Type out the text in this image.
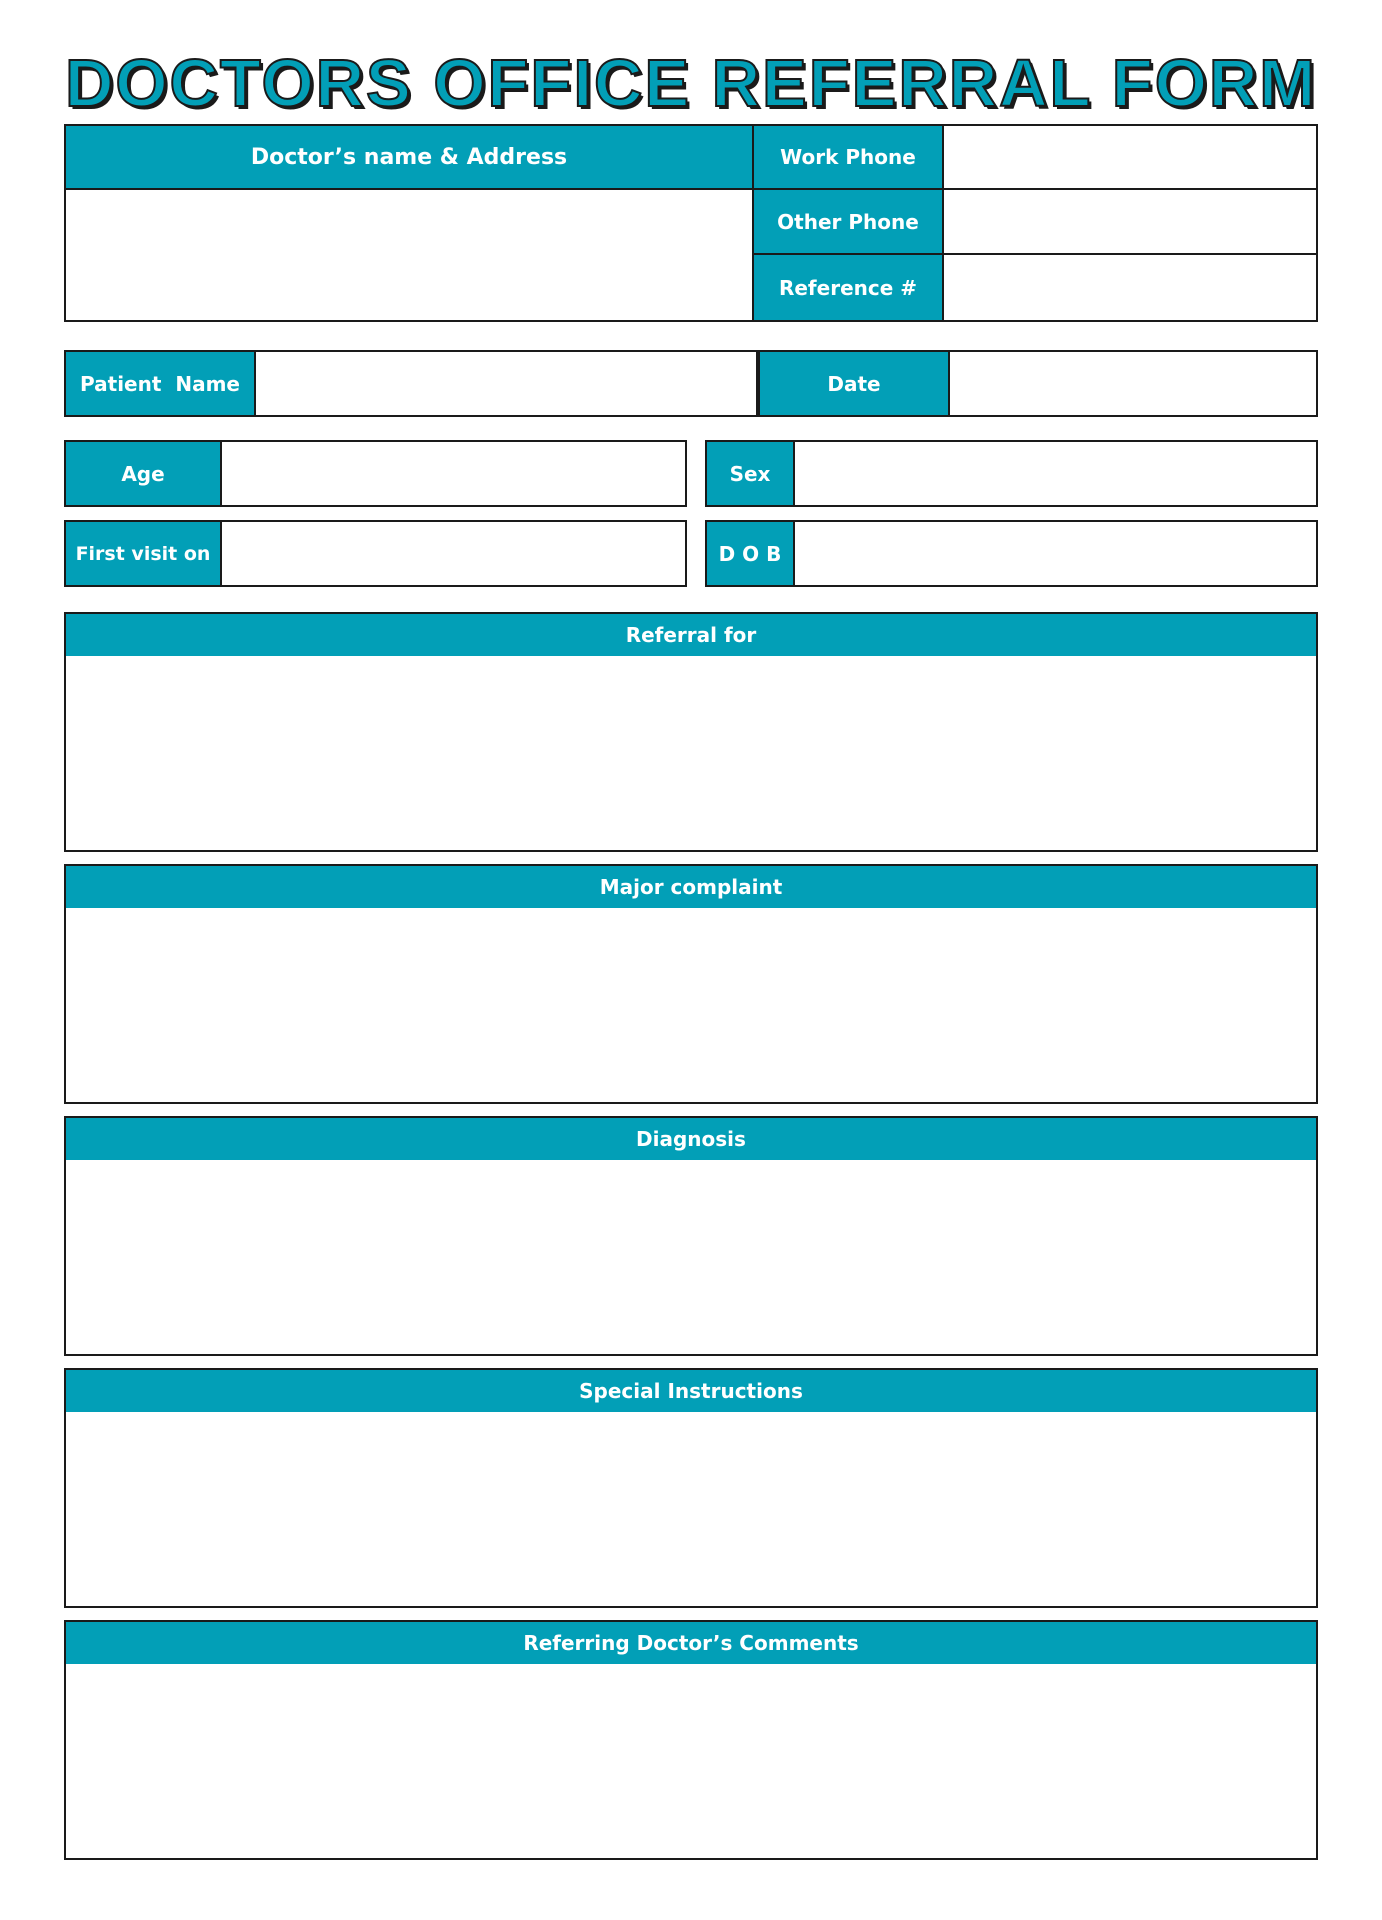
DOCTORS OFFICE REFERRAL FORM
Doctor’s name & Address	Work Phone
Other Phone
Reference #
Patient  Name	Date
Age	Sex
First visit on	D O B
Referral for
Major complaint
Diagnosis
Special Instructions
Referring Doctor’s Comments
